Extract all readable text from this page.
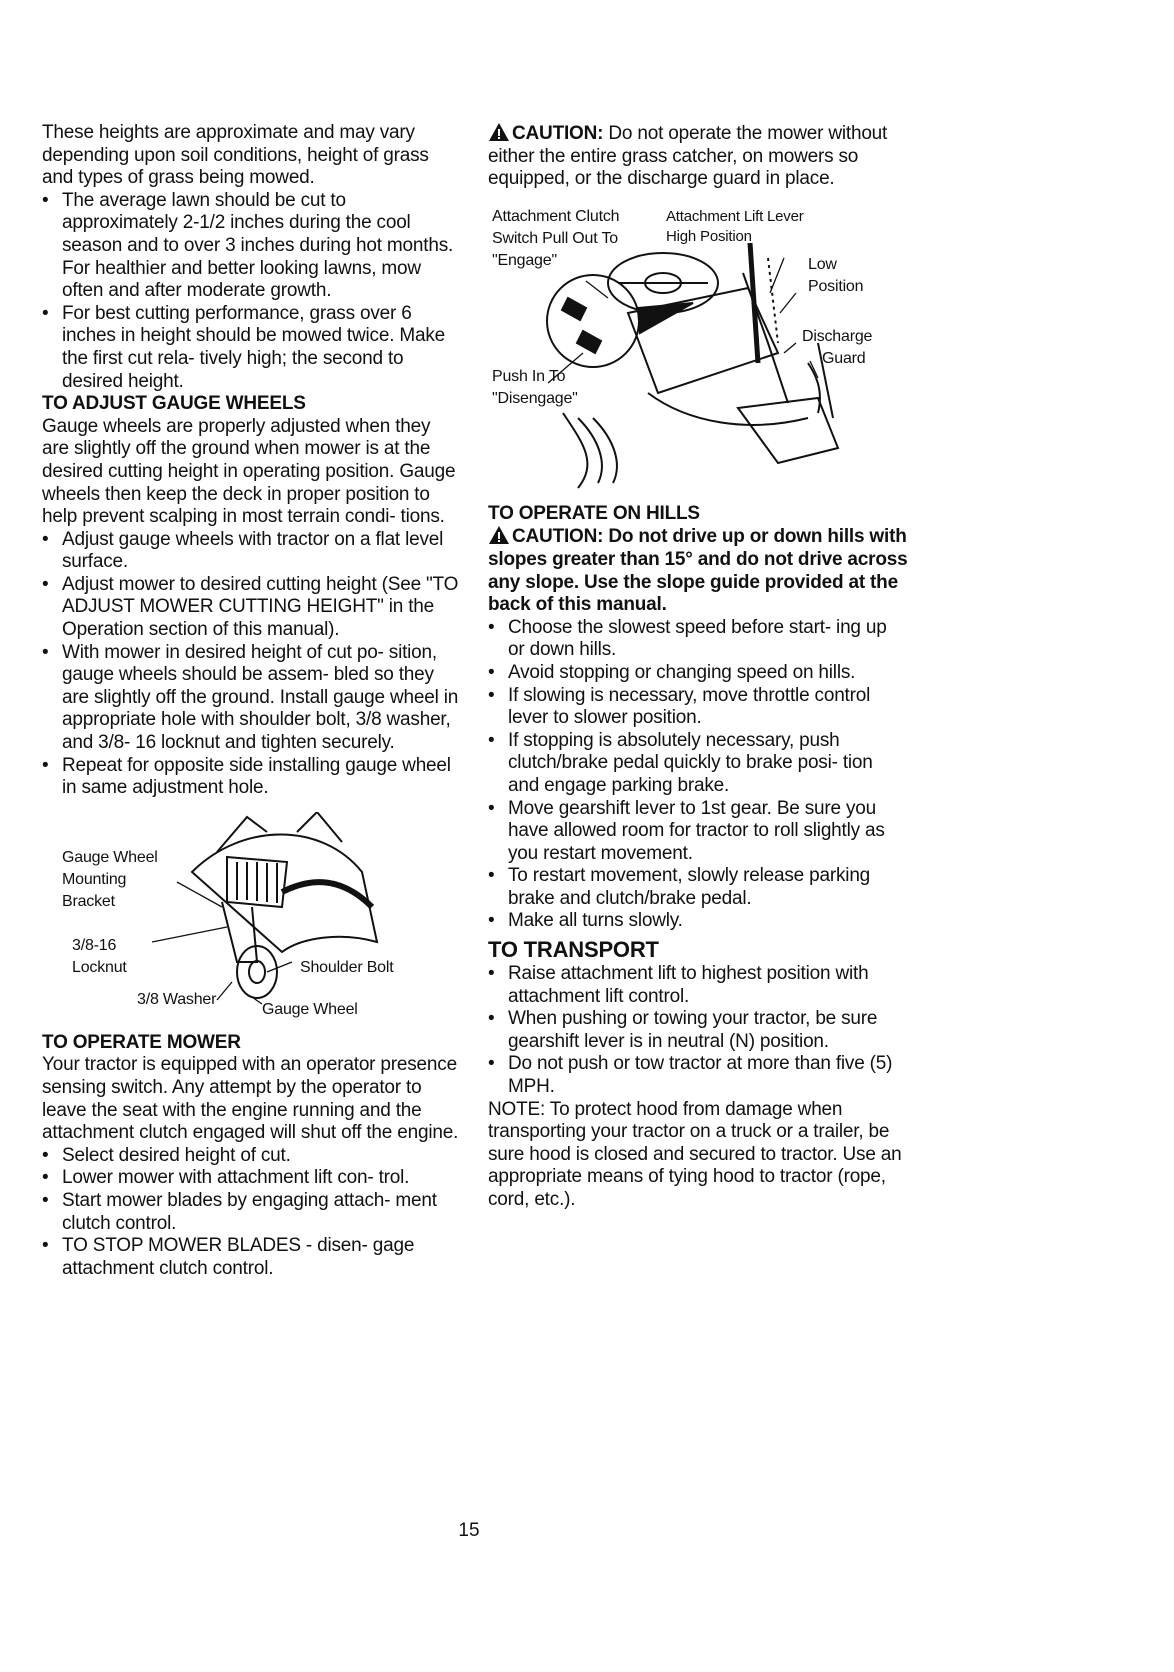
These heights are approximate and may vary depending upon soil conditions, height of grass and types of grass being mowed.

• The average lawn should be cut to approximately 2-1/2 inches during the cool season and to over 3 inches during hot months. For healthier and better looking lawns, mow often and after moderate growth.
• For best cutting performance, grass over 6 inches in height should be mowed twice. Make the first cut rela- tively high; the second to desired height.
TO ADJUST GAUGE WHEELS

Gauge wheels are properly adjusted when they are slightly off the ground when mower is at the desired cutting height in operating position. Gauge wheels then keep the deck in proper position to help prevent scalping in most terrain condi- tions.

• Adjust gauge wheels with tractor on a flat level surface.
• Adjust mower to desired cutting height (See "TO ADJUST MOWER CUTTING HEIGHT" in the Operation section of this manual).
• With mower in desired height of cut po- sition, gauge wheels should be assem- bled so they are slightly off the ground. Install gauge wheel in appropriate hole with shoulder bolt, 3/8 washer, and 3/8- 16 locknut and tighten securely.
• Repeat for opposite side installing gauge wheel in same adjustment hole.
Gauge Wheel
Mounting
Bracket
3/8-16
Locknut	Shoulder Bolt
3/8 Washer
Gauge Wheel
TO OPERATE MOWER

Your tractor is equipped with an operator presence sensing switch. Any attempt by the operator to leave the seat with the engine running and the attachment clutch engaged will shut off the engine.

• Select desired height of cut.
• Lower mower with attachment lift con- trol.
• Start mower blades by engaging attach- ment clutch control.
• TO STOP MOWER BLADES - disen- gage attachment clutch control.

CAUTION: Do not operate the mower without either the entire grass catcher, on mowers so equipped, or the discharge guard in place.

Attachment Clutch
Switch Pull Out To
"Engage"
Attachment Lift Lever
High Position
Low
Position
Discharge
Guard
Push In To
"Disengage"
TO OPERATE ON HILLS

CAUTION: Do not drive up or down hills with slopes greater than 15° and do not drive across any slope. Use the slope guide provided at the back of this manual.

• Choose the slowest speed before start- ing up or down hills.
• Avoid stopping or changing speed on hills.
• If slowing is necessary, move throttle control lever to slower position.
• If stopping is absolutely necessary, push clutch/brake pedal quickly to brake posi- tion and engage parking brake.
• Move gearshift lever to 1st gear. Be sure you have allowed room for tractor to roll slightly as you restart movement.
• To restart movement, slowly release parking brake and clutch/brake pedal.
• Make all turns slowly.
TO TRANSPORT
• Raise attachment lift to highest position with attachment lift control.
• When pushing or towing your tractor, be sure gearshift lever is in neutral (N) position.
• Do not push or tow tractor at more than five (5) MPH.

NOTE: To protect hood from damage when transporting your tractor on a truck or a trailer, be sure hood is closed and secured to tractor. Use an appropriate means of tying hood to tractor (rope, cord, etc.).

15
